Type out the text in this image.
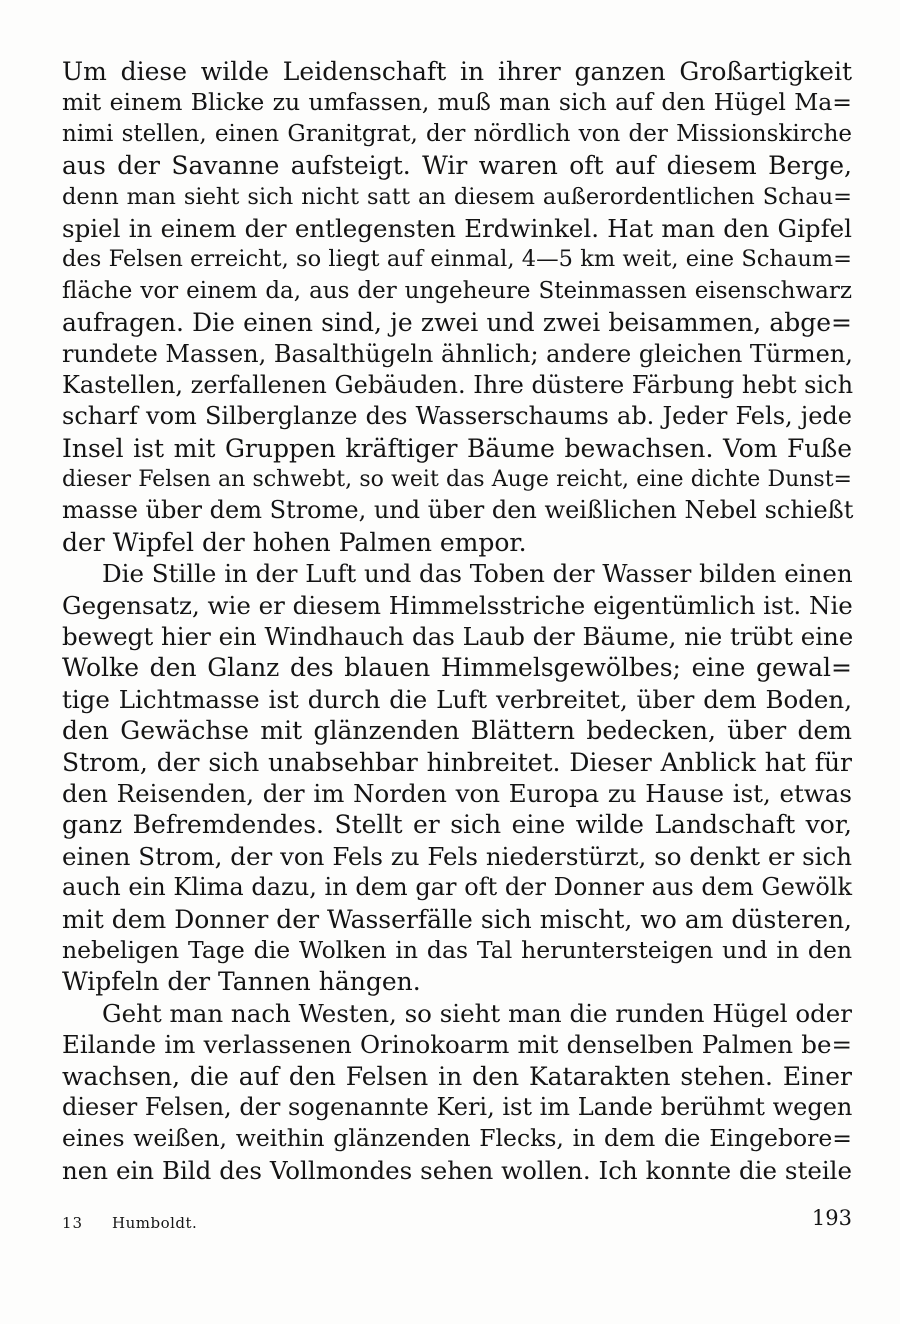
Um diese wilde Leidenschaft in ihrer ganzen Großartigkeit
mit einem Blicke zu umfassen, muß man sich auf den Hügel Ma=
nimi stellen, einen Granitgrat, der nördlich von der Missionskirche
aus der Savanne aufsteigt. Wir waren oft auf diesem Berge,
denn man sieht sich nicht satt an diesem außerordentlichen Schau=
spiel in einem der entlegensten Erdwinkel. Hat man den Gipfel
des Felsen erreicht, so liegt auf einmal, 4—5 km weit, eine Schaum=
fläche vor einem da, aus der ungeheure Steinmassen eisenschwarz
aufragen. Die einen sind, je zwei und zwei beisammen, abge=
rundete Massen, Basalthügeln ähnlich; andere gleichen Türmen,
Kastellen, zerfallenen Gebäuden. Ihre düstere Färbung hebt sich
scharf vom Silberglanze des Wasserschaums ab. Jeder Fels, jede
Insel ist mit Gruppen kräftiger Bäume bewachsen. Vom Fuße
dieser Felsen an schwebt, so weit das Auge reicht, eine dichte Dunst=
masse über dem Strome, und über den weißlichen Nebel schießt
der Wipfel der hohen Palmen empor.

Die Stille in der Luft und das Toben der Wasser bilden einen
Gegensatz, wie er diesem Himmelsstriche eigentümlich ist. Nie
bewegt hier ein Windhauch das Laub der Bäume, nie trübt eine
Wolke den Glanz des blauen Himmelsgewölbes; eine gewal=
tige Lichtmasse ist durch die Luft verbreitet, über dem Boden,
den Gewächse mit glänzenden Blättern bedecken, über dem
Strom, der sich unabsehbar hinbreitet. Dieser Anblick hat für
den Reisenden, der im Norden von Europa zu Hause ist, etwas
ganz Befremdendes. Stellt er sich eine wilde Landschaft vor,
einen Strom, der von Fels zu Fels niederstürzt, so denkt er sich
auch ein Klima dazu, in dem gar oft der Donner aus dem Gewölk
mit dem Donner der Wasserfälle sich mischt, wo am düsteren,
nebeligen Tage die Wolken in das Tal heruntersteigen und in den
Wipfeln der Tannen hängen.

Geht man nach Westen, so sieht man die runden Hügel oder
Eilande im verlassenen Orinokoarm mit denselben Palmen be=
wachsen, die auf den Felsen in den Katarakten stehen. Einer
dieser Felsen, der sogenannte Keri, ist im Lande berühmt wegen
eines weißen, weithin glänzenden Flecks, in dem die Eingebore=
nen ein Bild des Vollmondes sehen wollen. Ich konnte die steile

13 Humboldt.	193
